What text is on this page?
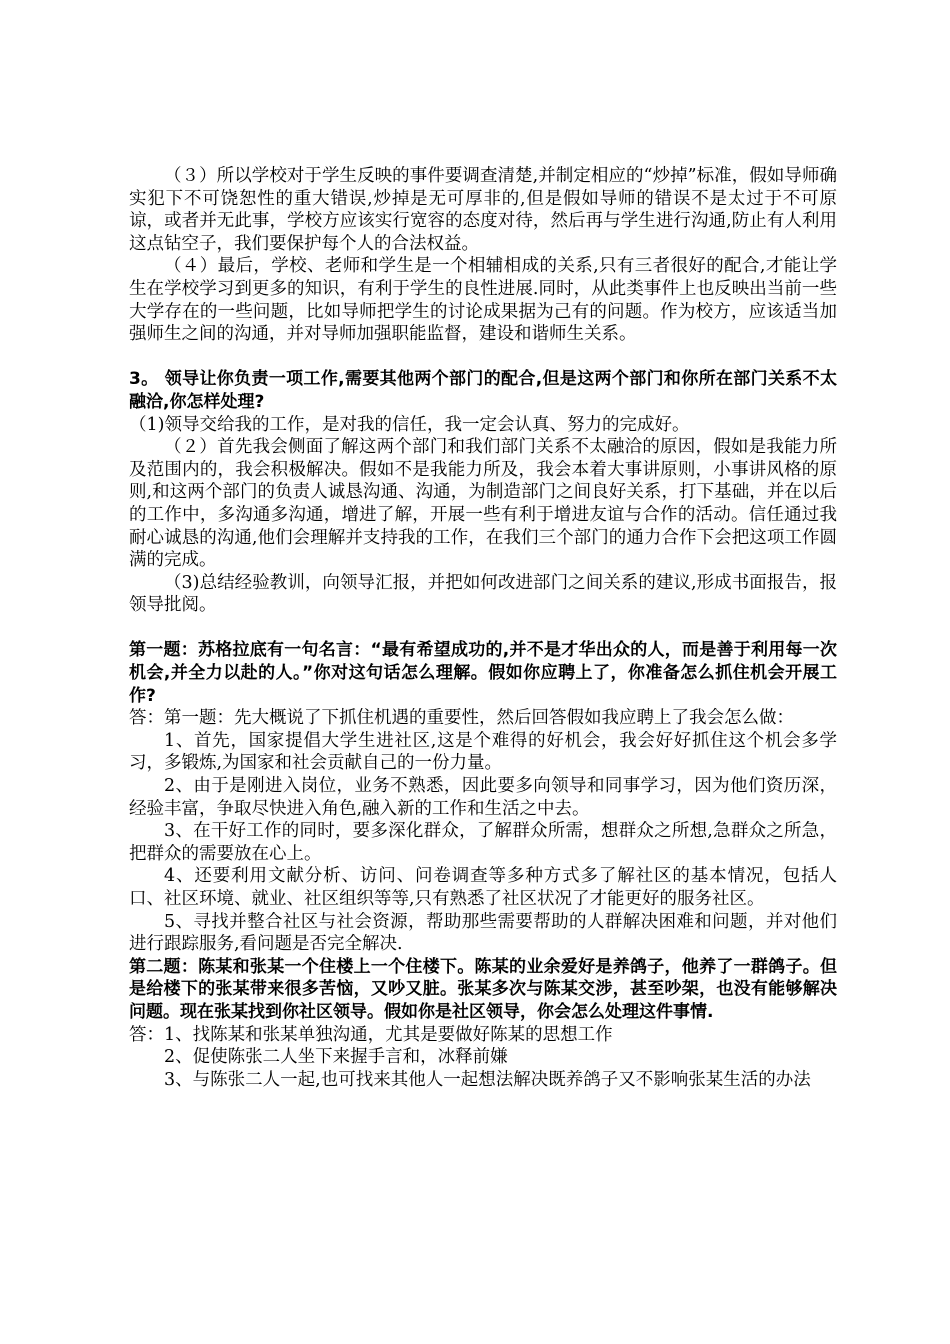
（３）所以学校对于学生反映的事件要调查清楚,并制定相应的“炒掉”标准，假如导师确实犯下不可饶恕性的重大错误,炒掉是无可厚非的,但是假如导师的错误不是太过于不可原谅，或者并无此事，学校方应该实行宽容的态度对待，然后再与学生进行沟通,防止有人利用这点钻空子，我们要保护每个人的合法权益。

（４）最后，学校、老师和学生是一个相辅相成的关系,只有三者很好的配合,才能让学生在学校学习到更多的知识，有利于学生的良性进展.同时，从此类事件上也反映出当前一些大学存在的一些问题，比如导师把学生的讨论成果据为己有的问题。作为校方，应该适当加强师生之间的沟通，并对导师加强职能监督，建设和谐师生关系。

3。 领导让你负责一项工作,需要其他两个部门的配合,但是这两个部门和你所在部门关系不太融洽,你怎样处理?

（1)领导交给我的工作，是对我的信任，我一定会认真、努力的完成好。

（２）首先我会侧面了解这两个部门和我们部门关系不太融洽的原因，假如是我能力所及范围内的，我会积极解决。假如不是我能力所及，我会本着大事讲原则，小事讲风格的原则,和这两个部门的负责人诚恳沟通、沟通，为制造部门之间良好关系，打下基础，并在以后的工作中，多沟通多沟通，增进了解，开展一些有利于增进友谊与合作的活动。信任通过我耐心诚恳的沟通,他们会理解并支持我的工作，在我们三个部门的通力合作下会把这项工作圆满的完成。

（3)总结经验教训，向领导汇报，并把如何改进部门之间关系的建议,形成书面报告，报领导批阅。

第一题：苏格拉底有一句名言：“最有希望成功的,并不是才华出众的人，而是善于利用每一次机会,并全力以赴的人。”你对这句话怎么理解。假如你应聘上了，你准备怎么抓住机会开展工作?

答：第一题：先大概说了下抓住机遇的重要性，然后回答假如我应聘上了我会怎么做：

1、首先，国家提倡大学生进社区,这是个难得的好机会，我会好好抓住这个机会多学习，多锻炼,为国家和社会贡献自己的一份力量。

2、由于是刚进入岗位，业务不熟悉，因此要多向领导和同事学习，因为他们资历深，经验丰富，争取尽快进入角色,融入新的工作和生活之中去。

3、在干好工作的同时，要多深化群众，了解群众所需，想群众之所想,急群众之所急，把群众的需要放在心上。

4、还要利用文献分析、访问、问卷调查等多种方式多了解社区的基本情况，包括人口、社区环境、就业、社区组织等等,只有熟悉了社区状况了才能更好的服务社区。

5、寻找并整合社区与社会资源，帮助那些需要帮助的人群解决困难和问题，并对他们进行跟踪服务,看问题是否完全解决.

第二题：陈某和张某一个住楼上一个住楼下。陈某的业余爱好是养鸽子，他养了一群鸽子。但是给楼下的张某带来很多苦恼，又吵又脏。张某多次与陈某交涉，甚至吵架，也没有能够解决问题。现在张某找到你社区领导。假如你是社区领导，你会怎么处理这件事情.

答：1、找陈某和张某单独沟通，尤其是要做好陈某的思想工作

2、促使陈张二人坐下来握手言和，冰释前嫌

3、与陈张二人一起,也可找来其他人一起想法解决既养鸽子又不影响张某生活的办法
